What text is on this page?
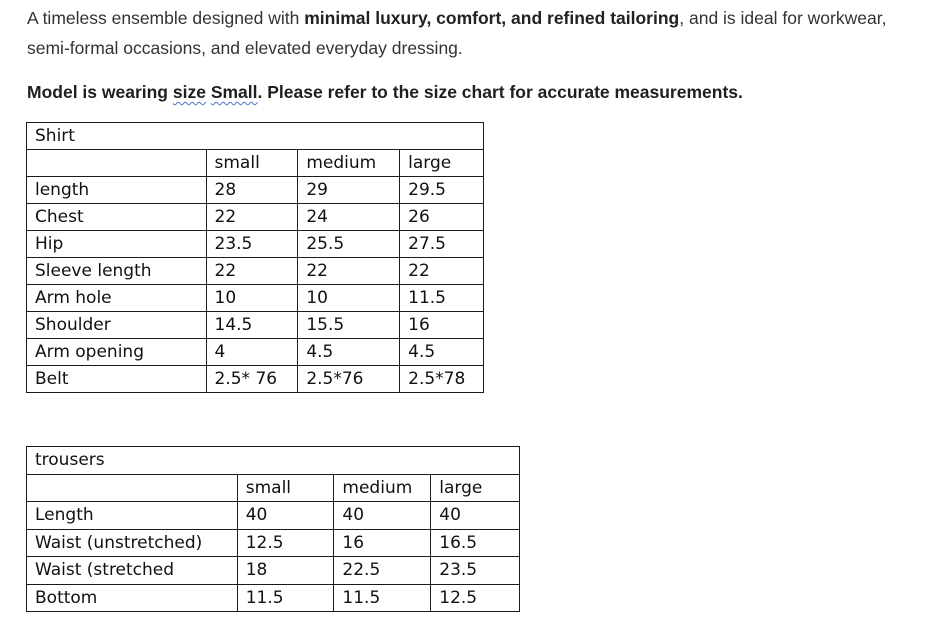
A timeless ensemble designed with minimal luxury, comfort, and refined tailoring, and is ideal for workwear, semi-formal occasions, and elevated everyday dressing.

Model is wearing size Small. Please refer to the size chart for accurate measurements.

Shirt			
	small	medium	large
length	28	29	29.5
Chest	22	24	26
Hip	23.5	25.5	27.5
Sleeve length	22	22	22
Arm hole	10	10	11.5
Shoulder	14.5	15.5	16
Arm opening	4	4.5	4.5
Belt	2.5* 76	2.5*76	2.5*78
trousers			
	small	medium	large
Length	40	40	40
Waist (unstretched)	12.5	16	16.5
Waist (stretched	18	22.5	23.5
Bottom	11.5	11.5	12.5
